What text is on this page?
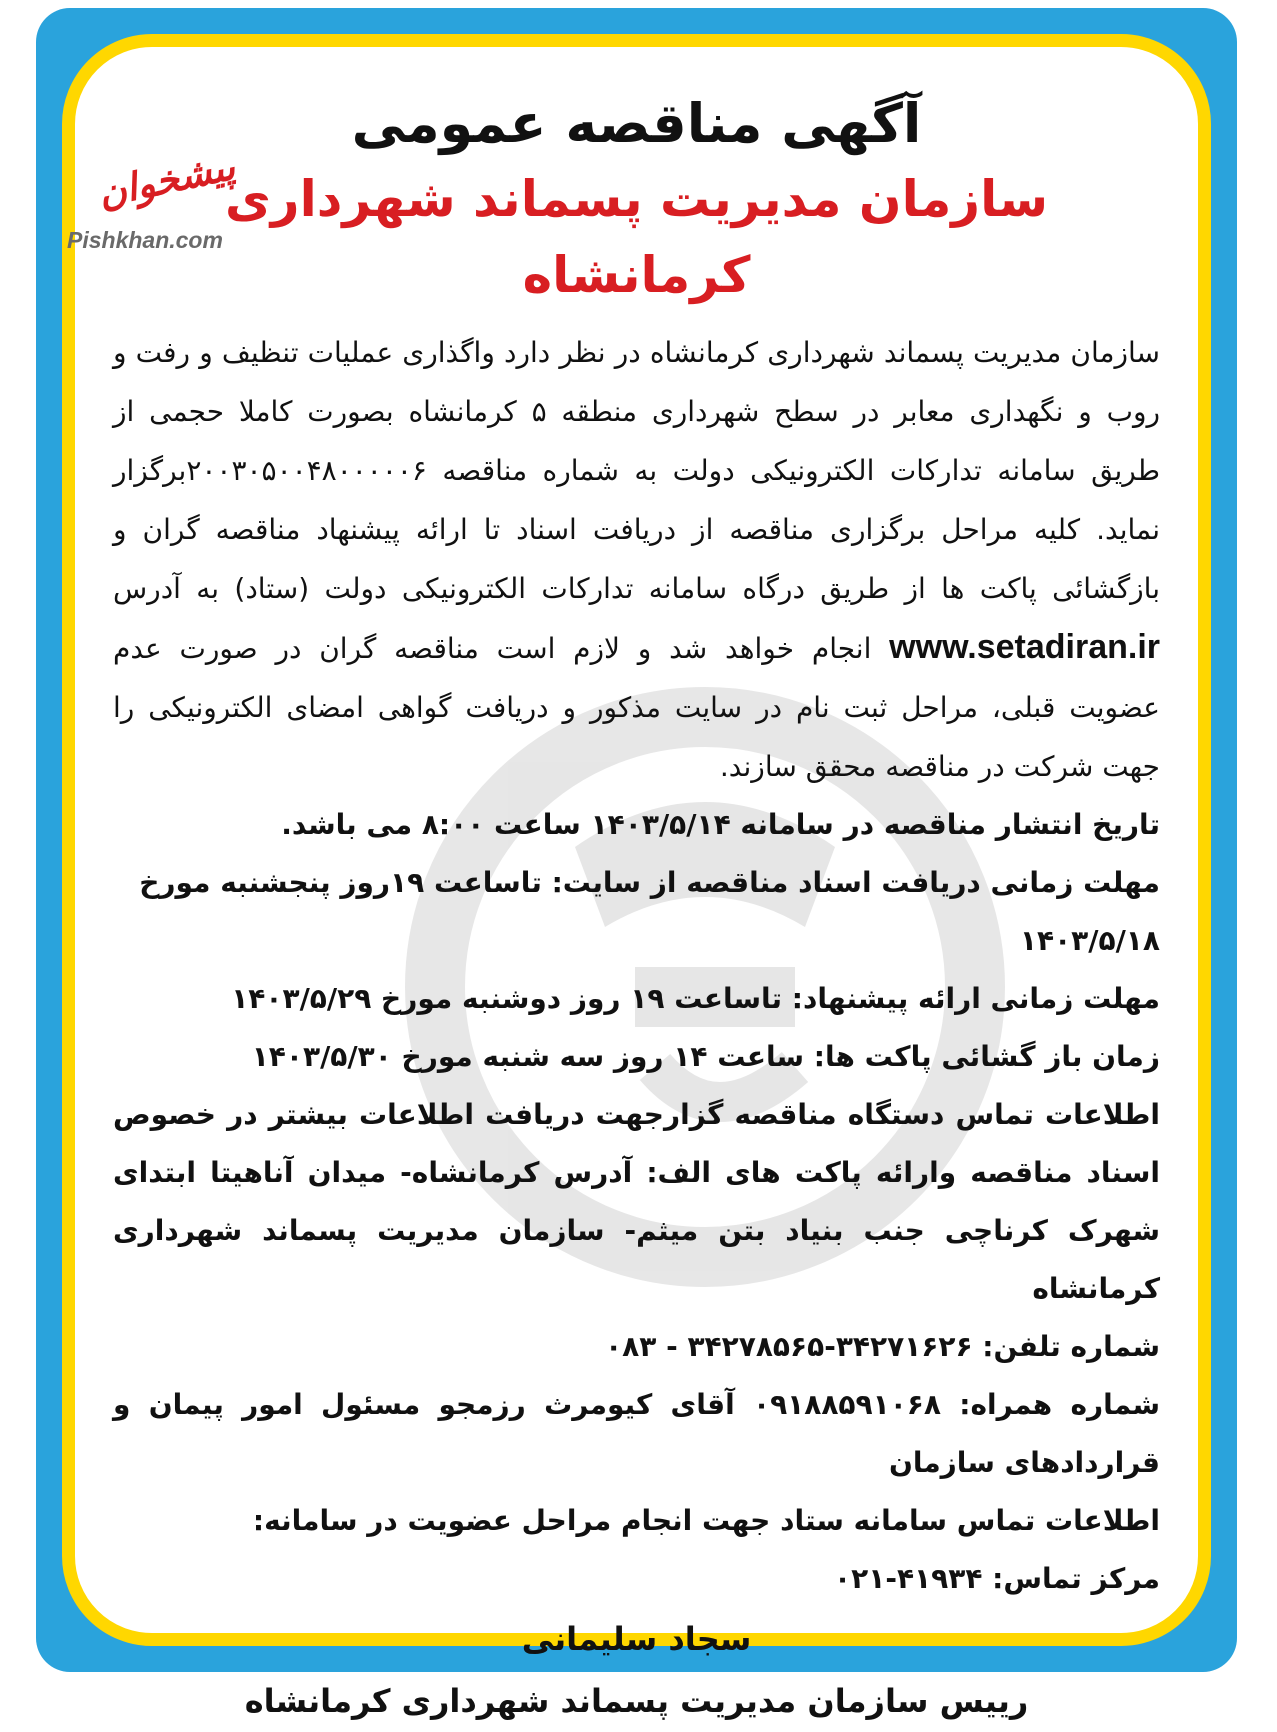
پیشخوان
Pishkhan.com
آگهی مناقصه عمومی
سازمان مدیریت پسماند شهرداری کرمانشاه

سازمان مدیریت پسماند شهرداری کرمانشاه در نظر دارد واگذاری عملیات تنظیف و رفت و روب و نگهداری معابر در سطح شهرداری منطقه ۵ کرمانشاه بصورت کاملا حجمی از طریق سامانه تدارکات الکترونیکی دولت به شماره مناقصه ۲۰۰۳۰۵۰۰۴۸۰۰۰۰۰۶برگزار نماید. کلیه مراحل برگزاری مناقصه از دریافت اسناد تا ارائه پیشنهاد مناقصه گران و بازگشائی پاکت ها از طریق درگاه سامانه تدارکات الکترونیکی دولت (ستاد) به آدرس www.setadiran.ir انجام خواهد شد و لازم است مناقصه گران در صورت عدم عضویت قبلی، مراحل ثبت نام در سایت مذکور و دریافت گواهی امضای الکترونیکی را جهت شرکت در مناقصه محقق سازند.

تاریخ انتشار مناقصه در سامانه ۱۴۰۳/۵/۱۴ ساعت ۸:۰۰ می باشد.

مهلت زمانی دریافت اسناد مناقصه از سایت: تاساعت ۱۹روز پنجشنبه مورخ ۱۴۰۳/۵/۱۸

مهلت زمانی ارائه پیشنهاد: تاساعت ۱۹ روز دوشنبه مورخ ۱۴۰۳/۵/۲۹

زمان باز گشائی پاکت ها: ساعت ۱۴ روز سه شنبه مورخ ۱۴۰۳/۵/۳۰

اطلاعات تماس دستگاه مناقصه گزارجهت دریافت اطلاعات بیشتر در خصوص اسناد مناقصه وارائه پاکت های الف: آدرس کرمانشاه- میدان آناهیتا ابتدای شهرک کرناچی جنب بنیاد بتن میثم- سازمان مدیریت پسماند شهرداری کرمانشاه

شماره تلفن: ۳۴۲۷۱۶۲۶-۳۴۲۷۸۵۶۵ - ۰۸۳

شماره همراه: ۰۹۱۸۸۵۹۱۰۶۸ آقای کیومرث رزمجو مسئول امور پیمان و قراردادهای سازمان

اطلاعات تماس سامانه ستاد جهت انجام مراحل عضویت در سامانه:

مرکز تماس: ۴۱۹۳۴-۰۲۱

سجاد سلیمانی

رییس سازمان مدیریت پسماند شهرداری کرمانشاه
